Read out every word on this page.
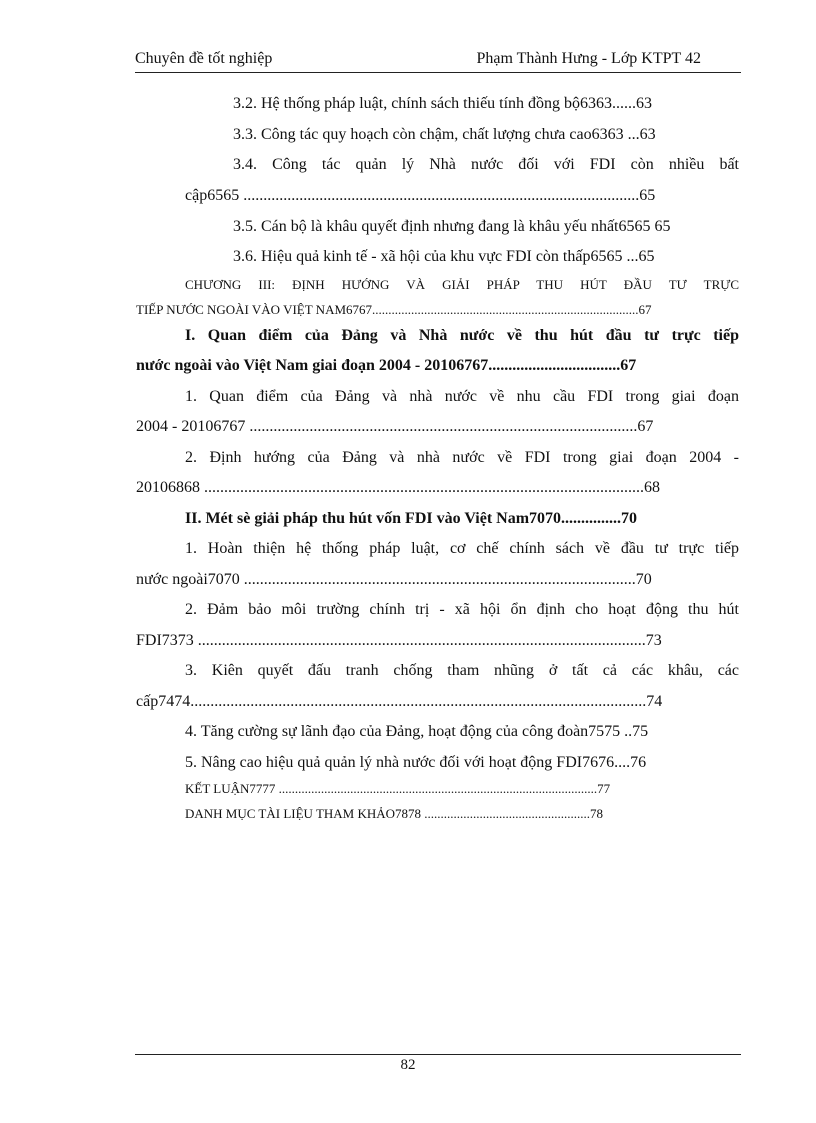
Chuyên đề tốt nghiệp	Phạm Thành Hưng - Lớp KTPT 42
3.2. Hệ thống pháp luật, chính sách thiếu tính đồng bộ6363......63
3.3. Công tác quy hoạch còn chậm, chất lượng chưa cao6363 ...63
3.4. Công tác quản lý Nhà nước đối với FDI còn nhiều bất
cập6565 ...................................................................................................65
3.5. Cán bộ là khâu quyết định nhưng đang là khâu yếu nhất6565 65
3.6. Hiệu quả kinh tế - xã hội của khu vực FDI còn thấp6565 ...65
CHƯƠNG III: ĐỊNH HƯỚNG VÀ GIẢI PHÁP THU HÚT ĐẦU TƯ TRỰC
TIẾP NƯỚC NGOÀI VÀO VIỆT NAM6767..................................................................................67
I. Quan điểm của Đảng và Nhà nước về thu hút đầu tư trực tiếp
nước ngoài vào Việt Nam giai đoạn 2004 - 20106767.................................67
1. Quan điểm của Đảng và nhà nước về nhu cầu FDI trong giai đoạn
2004 - 20106767 .................................................................................................67
2. Định hướng của Đảng và nhà nước về FDI trong giai đoạn 2004 -
20106868 ..............................................................................................................68
II. Mét sè giải pháp thu hút vốn FDI vào Việt Nam7070...............70
1. Hoàn thiện hệ thống pháp luật, cơ chế chính sách về đầu tư trực tiếp
nước ngoài7070 ..................................................................................................70
2. Đảm bảo môi trường chính trị - xã hội ổn định cho hoạt động thu hút
FDI7373 ................................................................................................................73
3. Kiên quyết đấu tranh chống tham nhũng ở tất cả các khâu, các
cấp7474..................................................................................................................74
4. Tăng cường sự lãnh đạo của Đảng, hoạt động của công đoàn7575 ..75
5. Nâng cao hiệu quả quản lý nhà nước đối với hoạt động FDI7676....76
KẾT LUẬN7777 ..................................................................................................77
DANH MỤC TÀI LIỆU THAM KHẢO7878 ...................................................78
82
